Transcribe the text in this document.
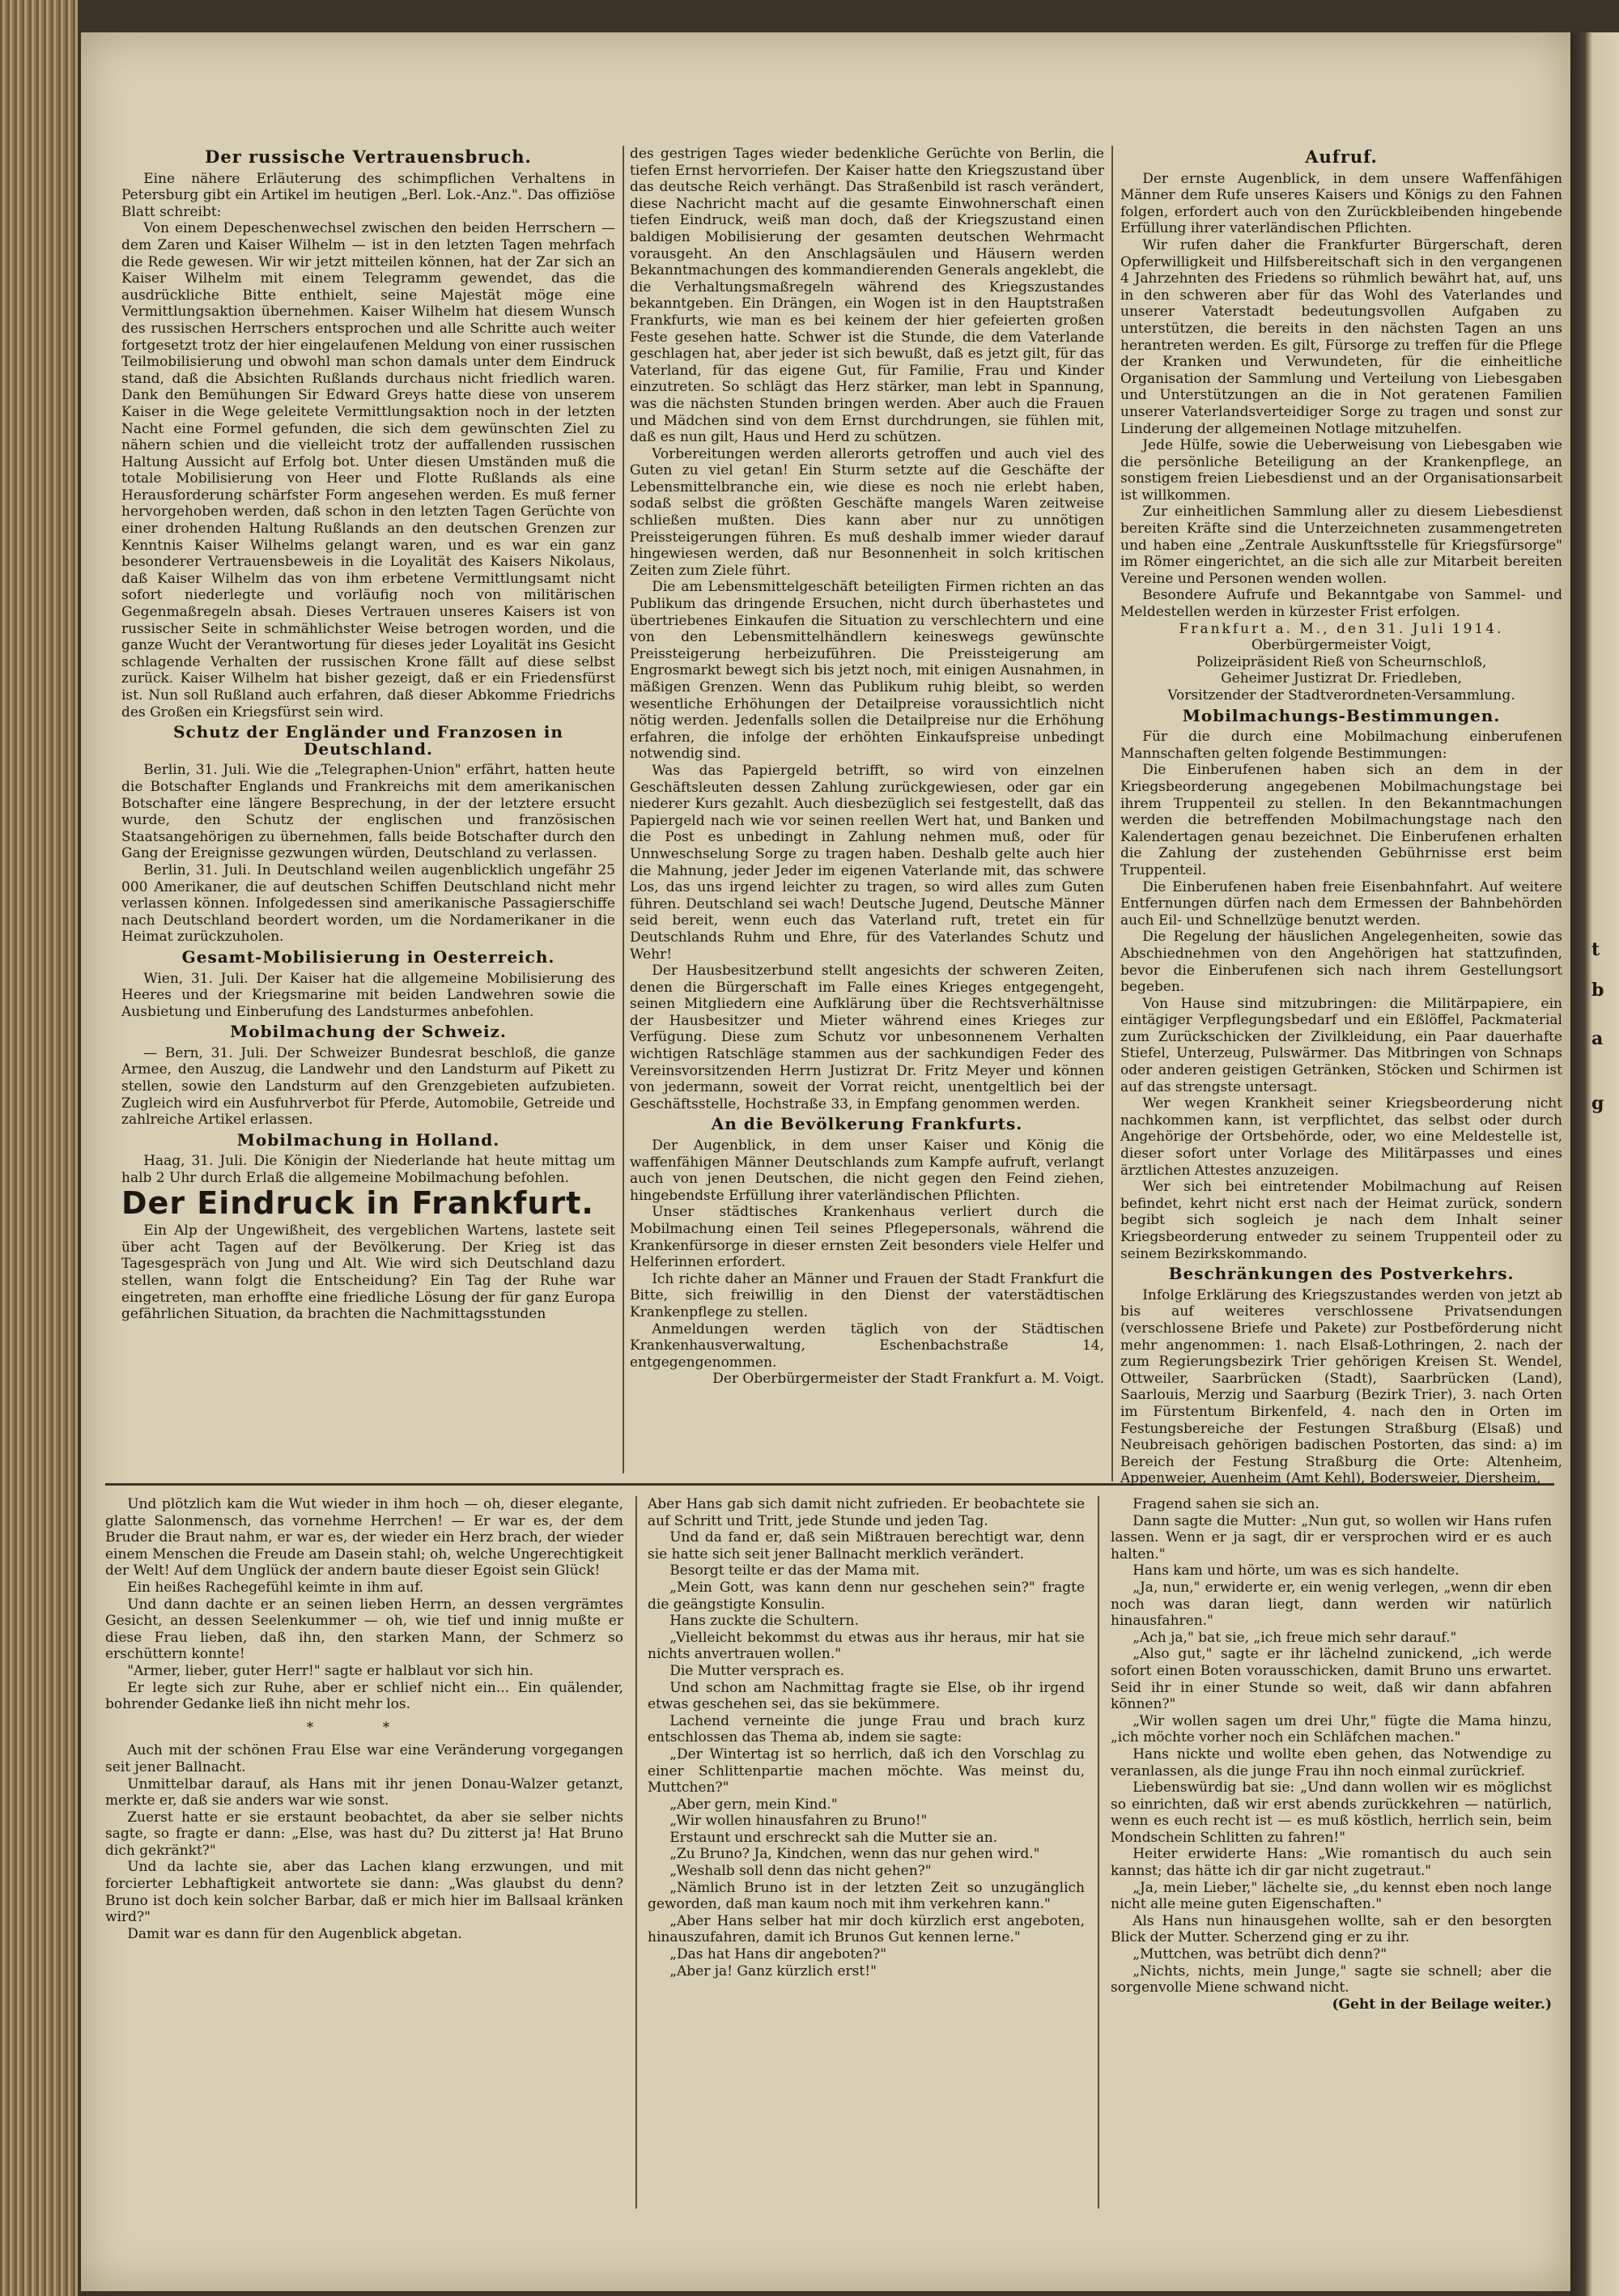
t
b
a
g
Der russische Vertrauensbruch.

Eine nähere Erläuterung des schimpflichen Verhaltens in Petersburg gibt ein Artikel im heutigen „Berl. Lok.-Anz.". Das offiziöse Blatt schreibt:

Von einem Depeschenwechsel zwischen den beiden Herrschern — dem Zaren und Kaiser Wilhelm — ist in den letzten Tagen mehrfach die Rede gewesen. Wir wir jetzt mitteilen können, hat der Zar sich an Kaiser Wilhelm mit einem Telegramm gewendet, das die ausdrückliche Bitte enthielt, seine Majestät möge eine Vermittlungsaktion übernehmen. Kaiser Wilhelm hat diesem Wunsch des russischen Herrschers entsprochen und alle Schritte auch weiter fortgesetzt trotz der hier eingelaufenen Meldung von einer russischen Teilmobilisierung und obwohl man schon damals unter dem Eindruck stand, daß die Absichten Rußlands durchaus nicht friedlich waren. Dank den Bemühungen Sir Edward Greys hatte diese von unserem Kaiser in die Wege geleitete Vermittlungsaktion noch in der letzten Nacht eine Formel gefunden, die sich dem gewünschten Ziel zu nähern schien und die vielleicht trotz der auffallenden russischen Haltung Aussicht auf Erfolg bot. Unter diesen Umständen muß die totale Mobilisierung von Heer und Flotte Rußlands als eine Herausforderung schärfster Form angesehen werden. Es muß ferner hervorgehoben werden, daß schon in den letzten Tagen Gerüchte von einer drohenden Haltung Rußlands an den deutschen Grenzen zur Kenntnis Kaiser Wilhelms gelangt waren, und es war ein ganz besonderer Vertrauensbeweis in die Loyalität des Kaisers Nikolaus, daß Kaiser Wilhelm das von ihm erbetene Vermittlungsamt nicht sofort niederlegte und vorläufig noch von militärischen Gegenmaßregeln absah. Dieses Vertrauen unseres Kaisers ist von russischer Seite in schmählichster Weise betrogen worden, und die ganze Wucht der Verantwortung für dieses jeder Loyalität ins Gesicht schlagende Verhalten der russischen Krone fällt auf diese selbst zurück. Kaiser Wilhelm hat bisher gezeigt, daß er ein Friedensfürst ist. Nun soll Rußland auch erfahren, daß dieser Abkomme Friedrichs des Großen ein Kriegsfürst sein wird.

Schutz der Engländer und Franzosen in Deutschland.

Berlin, 31. Juli. Wie die „Telegraphen-Union" erfährt, hatten heute die Botschafter Englands und Frankreichs mit dem amerikanischen Botschafter eine längere Besprechung, in der der letztere ersucht wurde, den Schutz der englischen und französischen Staatsangehörigen zu übernehmen, falls beide Botschafter durch den Gang der Ereignisse gezwungen würden, Deutschland zu verlassen.

Berlin, 31. Juli. In Deutschland weilen augenblicklich ungefähr 25 000 Amerikaner, die auf deutschen Schiffen Deutschland nicht mehr verlassen können. Infolgedessen sind amerikanische Passagierschiffe nach Deutschland beordert worden, um die Nordamerikaner in die Heimat zurückzuholen.

Gesamt-Mobilisierung in Oesterreich.

Wien, 31. Juli. Der Kaiser hat die allgemeine Mobilisierung des Heeres und der Kriegsmarine mit beiden Landwehren sowie die Ausbietung und Einberufung des Landsturmes anbefohlen.

Mobilmachung der Schweiz.

— Bern, 31. Juli. Der Schweizer Bundesrat beschloß, die ganze Armee, den Auszug, die Landwehr und den Landsturm auf Pikett zu stellen, sowie den Landsturm auf den Grenzgebieten aufzubieten. Zugleich wird ein Ausfuhrverbot für Pferde, Automobile, Getreide und zahlreiche Artikel erlassen.

Mobilmachung in Holland.

Haag, 31. Juli. Die Königin der Niederlande hat heute mittag um halb 2 Uhr durch Erlaß die allgemeine Mobilmachung befohlen.

Der Eindruck in Frankfurt.

Ein Alp der Ungewißheit, des vergeblichen Wartens, lastete seit über acht Tagen auf der Bevölkerung. Der Krieg ist das Tagesgespräch von Jung und Alt. Wie wird sich Deutschland dazu stellen, wann folgt die Entscheidung? Ein Tag der Ruhe war eingetreten, man erhoffte eine friedliche Lösung der für ganz Europa gefährlichen Situation, da brachten die Nachmittagsstunden

des gestrigen Tages wieder bedenkliche Gerüchte von Berlin, die tiefen Ernst hervorriefen. Der Kaiser hatte den Kriegszustand über das deutsche Reich verhängt. Das Straßenbild ist rasch verändert, diese Nachricht macht auf die gesamte Einwohnerschaft einen tiefen Eindruck, weiß man doch, daß der Kriegszustand einen baldigen Mobilisierung der gesamten deutschen Wehrmacht vorausgeht. An den Anschlagsäulen und Häusern werden Bekanntmachungen des kommandierenden Generals angeklebt, die die Verhaltungsmaßregeln während des Kriegszustandes bekanntgeben. Ein Drängen, ein Wogen ist in den Hauptstraßen Frankfurts, wie man es bei keinem der hier gefeierten großen Feste gesehen hatte. Schwer ist die Stunde, die dem Vaterlande geschlagen hat, aber jeder ist sich bewußt, daß es jetzt gilt, für das Vaterland, für das eigene Gut, für Familie, Frau und Kinder einzutreten. So schlägt das Herz stärker, man lebt in Spannung, was die nächsten Stunden bringen werden. Aber auch die Frauen und Mädchen sind von dem Ernst durchdrungen, sie fühlen mit, daß es nun gilt, Haus und Herd zu schützen.

Vorbereitungen werden allerorts getroffen und auch viel des Guten zu viel getan! Ein Sturm setzte auf die Geschäfte der Lebensmittelbranche ein, wie diese es noch nie erlebt haben, sodaß selbst die größten Geschäfte mangels Waren zeitweise schließen mußten. Dies kann aber nur zu unnötigen Preissteigerungen führen. Es muß deshalb immer wieder darauf hingewiesen werden, daß nur Besonnenheit in solch kritischen Zeiten zum Ziele führt.

Die am Lebensmittelgeschäft beteiligten Firmen richten an das Publikum das dringende Ersuchen, nicht durch überhastetes und übertriebenes Einkaufen die Situation zu verschlechtern und eine von den Lebensmittelhändlern keineswegs gewünschte Preissteigerung herbeizuführen. Die Preissteigerung am Engrosmarkt bewegt sich bis jetzt noch, mit einigen Ausnahmen, in mäßigen Grenzen. Wenn das Publikum ruhig bleibt, so werden wesentliche Erhöhungen der Detailpreise voraussichtlich nicht nötig werden. Jedenfalls sollen die Detailpreise nur die Erhöhung erfahren, die infolge der erhöhten Einkaufspreise unbedingt notwendig sind.

Was das Papiergeld betrifft, so wird von einzelnen Geschäftsleuten dessen Zahlung zurückgewiesen, oder gar ein niederer Kurs gezahlt. Auch diesbezüglich sei festgestellt, daß das Papiergeld nach wie vor seinen reellen Wert hat, und Banken und die Post es unbedingt in Zahlung nehmen muß, oder für Unnweschselung Sorge zu tragen haben. Deshalb gelte auch hier die Mahnung, jeder Jeder im eigenen Vaterlande mit, das schwere Los, das uns irgend leichter zu tragen, so wird alles zum Guten führen. Deutschland sei wach! Deutsche Jugend, Deutsche Männer seid bereit, wenn euch das Vaterland ruft, tretet ein für Deutschlands Ruhm und Ehre, für des Vaterlandes Schutz und Wehr!

Der Hausbesitzerbund stellt angesichts der schweren Zeiten, denen die Bürgerschaft im Falle eines Krieges entgegengeht, seinen Mitgliedern eine Aufklärung über die Rechtsverhältnisse der Hausbesitzer und Mieter während eines Krieges zur Verfügung. Diese zum Schutz vor unbesonnenem Verhalten wichtigen Ratschläge stammen aus der sachkundigen Feder des Vereinsvorsitzenden Herrn Justizrat Dr. Fritz Meyer und können von jedermann, soweit der Vorrat reicht, unentgeltlich bei der Geschäftsstelle, Hochstraße 33, in Empfang genommen werden.

An die Bevölkerung Frankfurts.

Der Augenblick, in dem unser Kaiser und König die waffenfähigen Männer Deutschlands zum Kampfe aufruft, verlangt auch von jenen Deutschen, die nicht gegen den Feind ziehen, hingebendste Erfüllung ihrer vaterländischen Pflichten.

Unser städtisches Krankenhaus verliert durch die Mobilmachung einen Teil seines Pflegepersonals, während die Krankenfürsorge in dieser ernsten Zeit besonders viele Helfer und Helferinnen erfordert.

Ich richte daher an Männer und Frauen der Stadt Frankfurt die Bitte, sich freiwillig in den Dienst der vaterstädtischen Krankenpflege zu stellen.

Anmeldungen werden täglich von der Städtischen Krankenhausverwaltung, Eschenbachstraße 14, entgegengenommen.

Der Oberbürgermeister der Stadt Frankfurt a. M. Voigt.

Aufruf.

Der ernste Augenblick, in dem unsere Waffenfähigen Männer dem Rufe unseres Kaisers und Königs zu den Fahnen folgen, erfordert auch von den Zurückbleibenden hingebende Erfüllung ihrer vaterländischen Pflichten.

Wir rufen daher die Frankfurter Bürgerschaft, deren Opferwilligkeit und Hilfsbereitschaft sich in den vergangenen 4 Jahrzehnten des Friedens so rühmlich bewährt hat, auf, uns in den schweren aber für das Wohl des Vaterlandes und unserer Vaterstadt bedeutungsvollen Aufgaben zu unterstützen, die bereits in den nächsten Tagen an uns herantreten werden. Es gilt, Fürsorge zu treffen für die Pflege der Kranken und Verwundeten, für die einheitliche Organisation der Sammlung und Verteilung von Liebesgaben und Unterstützungen an die in Not geratenen Familien unserer Vaterlandsverteidiger Sorge zu tragen und sonst zur Linderung der allgemeinen Notlage mitzuhelfen.

Jede Hülfe, sowie die Ueberweisung von Liebesgaben wie die persönliche Beteiligung an der Krankenpflege, an sonstigem freien Liebesdienst und an der Organisationsarbeit ist willkommen.

Zur einheitlichen Sammlung aller zu diesem Liebesdienst bereiten Kräfte sind die Unterzeichneten zusammengetreten und haben eine „Zentrale Auskunftsstelle für Kriegsfürsorge" im Römer eingerichtet, an die sich alle zur Mitarbeit bereiten Vereine und Personen wenden wollen.

Besondere Aufrufe und Bekanntgabe von Sammel- und Meldestellen werden in kürzester Frist erfolgen.

Frankfurt a. M., den 31. Juli 1914.

Oberbürgermeister Voigt,

Polizeipräsident Rieß von Scheurnschloß,

Geheimer Justizrat Dr. Friedleben,

Vorsitzender der Stadtverordneten-Versammlung.

Mobilmachungs-Bestimmungen.

Für die durch eine Mobilmachung einberufenen Mannschaften gelten folgende Bestimmungen:

Die Einberufenen haben sich an dem in der Kriegsbeorderung angegebenen Mobilmachungstage bei ihrem Truppenteil zu stellen. In den Bekanntmachungen werden die betreffenden Mobilmachungstage nach den Kalendertagen genau bezeichnet. Die Einberufenen erhalten die Zahlung der zustehenden Gebührnisse erst beim Truppenteil.

Die Einberufenen haben freie Eisenbahnfahrt. Auf weitere Entfernungen dürfen nach dem Ermessen der Bahnbehörden auch Eil- und Schnellzüge benutzt werden.

Die Regelung der häuslichen Angelegenheiten, sowie das Abschiednehmen von den Angehörigen hat stattzufinden, bevor die Einberufenen sich nach ihrem Gestellungsort begeben.

Von Hause sind mitzubringen: die Militärpapiere, ein eintägiger Verpflegungsbedarf und ein Eßlöffel, Packmaterial zum Zurückschicken der Zivilkleidung, ein Paar dauerhafte Stiefel, Unterzeug, Pulswärmer. Das Mitbringen von Schnaps oder anderen geistigen Getränken, Stöcken und Schirmen ist auf das strengste untersagt.

Wer wegen Krankheit seiner Kriegsbeorderung nicht nachkommen kann, ist verpflichtet, das selbst oder durch Angehörige der Ortsbehörde, oder, wo eine Meldestelle ist, dieser sofort unter Vorlage des Militärpasses und eines ärztlichen Attestes anzuzeigen.

Wer sich bei eintretender Mobilmachung auf Reisen befindet, kehrt nicht erst nach der Heimat zurück, sondern begibt sich sogleich je nach dem Inhalt seiner Kriegsbeorderung entweder zu seinem Truppenteil oder zu seinem Bezirkskommando.

Beschränkungen des Postverkehrs.

Infolge Erklärung des Kriegszustandes werden von jetzt ab bis auf weiteres verschlossene Privatsendungen (verschlossene Briefe und Pakete) zur Postbeförderung nicht mehr angenommen: 1. nach Elsaß-Lothringen, 2. nach der zum Regierungsbezirk Trier gehörigen Kreisen St. Wendel, Ottweiler, Saarbrücken (Stadt), Saarbrücken (Land), Saarlouis, Merzig und Saarburg (Bezirk Trier), 3. nach Orten im Fürstentum Birkenfeld, 4. nach den in Orten im Festungsbereiche der Festungen Straßburg (Elsaß) und Neubreisach gehörigen badischen Postorten, das sind: a) im Bereich der Festung Straßburg die Orte: Altenheim, Appenweier, Auenheim (Amt Kehl), Bodersweier, Diersheim,

Und plötzlich kam die Wut wieder in ihm hoch — oh, dieser elegante, glatte Salonmensch, das vornehme Herrchen! — Er war es, der dem Bruder die Braut nahm, er war es, der wieder ein Herz brach, der wieder einem Menschen die Freude am Dasein stahl; oh, welche Ungerechtigkeit der Welt! Auf dem Unglück der andern baute dieser Egoist sein Glück!

Ein heißes Rachegefühl keimte in ihm auf.

Und dann dachte er an seinen lieben Herrn, an dessen vergrämtes Gesicht, an dessen Seelenkummer — oh, wie tief und innig mußte er diese Frau lieben, daß ihn, den starken Mann, der Schmerz so erschüttern konnte!

"Armer, lieber, guter Herr!" sagte er halblaut vor sich hin.

Er legte sich zur Ruhe, aber er schlief nicht ein... Ein quälender, bohrender Gedanke ließ ihn nicht mehr los.

* *

Auch mit der schönen Frau Else war eine Veränderung vorgegangen seit jener Ballnacht.

Unmittelbar darauf, als Hans mit ihr jenen Donau-Walzer getanzt, merkte er, daß sie anders war wie sonst.

Zuerst hatte er sie erstaunt beobachtet, da aber sie selber nichts sagte, so fragte er dann: „Else, was hast du? Du zitterst ja! Hat Bruno dich gekränkt?"

Und da lachte sie, aber das Lachen klang erzwungen, und mit forcierter Lebhaftigkeit antwortete sie dann: „Was glaubst du denn? Bruno ist doch kein solcher Barbar, daß er mich hier im Ballsaal kränken wird?"

Damit war es dann für den Augenblick abgetan.

Aber Hans gab sich damit nicht zufrieden. Er beobachtete sie auf Schritt und Tritt, jede Stunde und jeden Tag.

Und da fand er, daß sein Mißtrauen berechtigt war, denn sie hatte sich seit jener Ballnacht merklich verändert.

Besorgt teilte er das der Mama mit.

„Mein Gott, was kann denn nur geschehen sein?" fragte die geängstigte Konsulin.

Hans zuckte die Schultern.

„Vielleicht bekommst du etwas aus ihr heraus, mir hat sie nichts anvertrauen wollen."

Die Mutter versprach es.

Und schon am Nachmittag fragte sie Else, ob ihr irgend etwas geschehen sei, das sie bekümmere.

Lachend verneinte die junge Frau und brach kurz entschlossen das Thema ab, indem sie sagte:

„Der Wintertag ist so herrlich, daß ich den Vorschlag zu einer Schlittenpartie machen möchte. Was meinst du, Muttchen?"

„Aber gern, mein Kind."

„Wir wollen hinausfahren zu Bruno!"

Erstaunt und erschreckt sah die Mutter sie an.

„Zu Bruno? Ja, Kindchen, wenn das nur gehen wird."

„Weshalb soll denn das nicht gehen?"

„Nämlich Bruno ist in der letzten Zeit so unzugänglich geworden, daß man kaum noch mit ihm verkehren kann."

„Aber Hans selber hat mir doch kürzlich erst angeboten, hinauszufahren, damit ich Brunos Gut kennen lerne."

„Das hat Hans dir angeboten?"

„Aber ja! Ganz kürzlich erst!"

Fragend sahen sie sich an.

Dann sagte die Mutter: „Nun gut, so wollen wir Hans rufen lassen. Wenn er ja sagt, dir er versprochen wird er es auch halten."

Hans kam und hörte, um was es sich handelte.

„Ja, nun," erwiderte er, ein wenig verlegen, „wenn dir eben noch was daran liegt, dann werden wir natürlich hinausfahren."

„Ach ja," bat sie, „ich freue mich sehr darauf."

„Also gut," sagte er ihr lächelnd zunickend, „ich werde sofort einen Boten vorausschicken, damit Bruno uns erwartet. Seid ihr in einer Stunde so weit, daß wir dann abfahren können?"

„Wir wollen sagen um drei Uhr," fügte die Mama hinzu, „ich möchte vorher noch ein Schläfchen machen."

Hans nickte und wollte eben gehen, das Notwendige zu veranlassen, als die junge Frau ihn noch einmal zurückrief.

Liebenswürdig bat sie: „Und dann wollen wir es möglichst so einrichten, daß wir erst abends zurückkehren — natürlich, wenn es euch recht ist — es muß köstlich, herrlich sein, beim Mondschein Schlitten zu fahren!"

Heiter erwiderte Hans: „Wie romantisch du auch sein kannst; das hätte ich dir gar nicht zugetraut."

„Ja, mein Lieber," lächelte sie, „du kennst eben noch lange nicht alle meine guten Eigenschaften."

Als Hans nun hinausgehen wollte, sah er den besorgten Blick der Mutter. Scherzend ging er zu ihr.

„Muttchen, was betrübt dich denn?"

„Nichts, nichts, mein Junge," sagte sie schnell; aber die sorgenvolle Miene schwand nicht.

(Geht in der Beilage weiter.)
